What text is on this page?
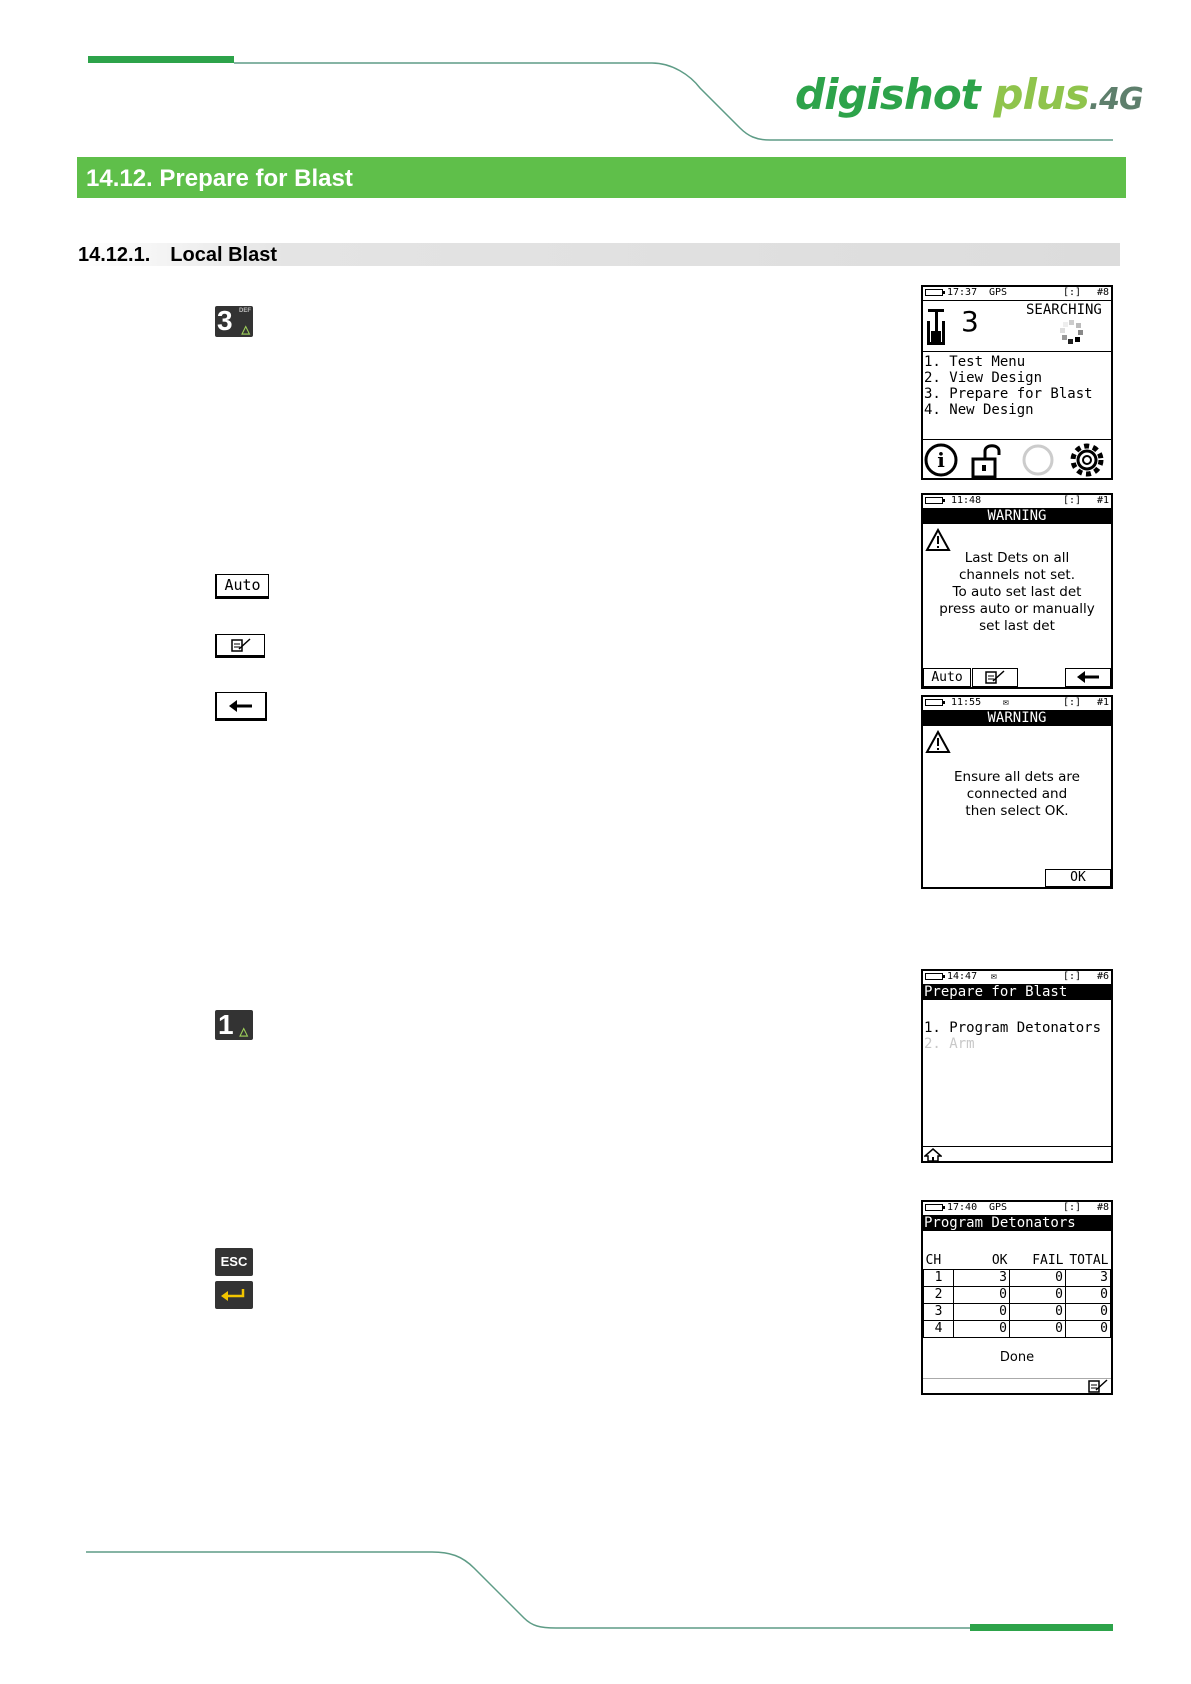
digishot plus.4G
14.12. Prepare for Blast
14.12.1. Local Blast
3 DEF
△
Auto
1 △
ESC
17:37 GPS	[:] #8
3	SEARCHING
1. Test Menu
2. View Design
3. Prepare for Blast
4. New Design
i
11:48	[:] #1
WARNING
Last Dets on all
channels not set.
To auto set last det
press auto or manually
set last det
Auto
11:55 ✉	[:] #1
WARNING
Ensure all dets are
connected and
then select OK.
OK
14:47 ✉	[:] #6
Prepare for Blast
1. Program Detonators
2. Arm
17:40 GPS	[:] #8
Program Detonators
CH	OK	FAIL	TOTAL
1	3	0	3
2	0	0	0
3	0	0	0
4	0	0	0
Done
